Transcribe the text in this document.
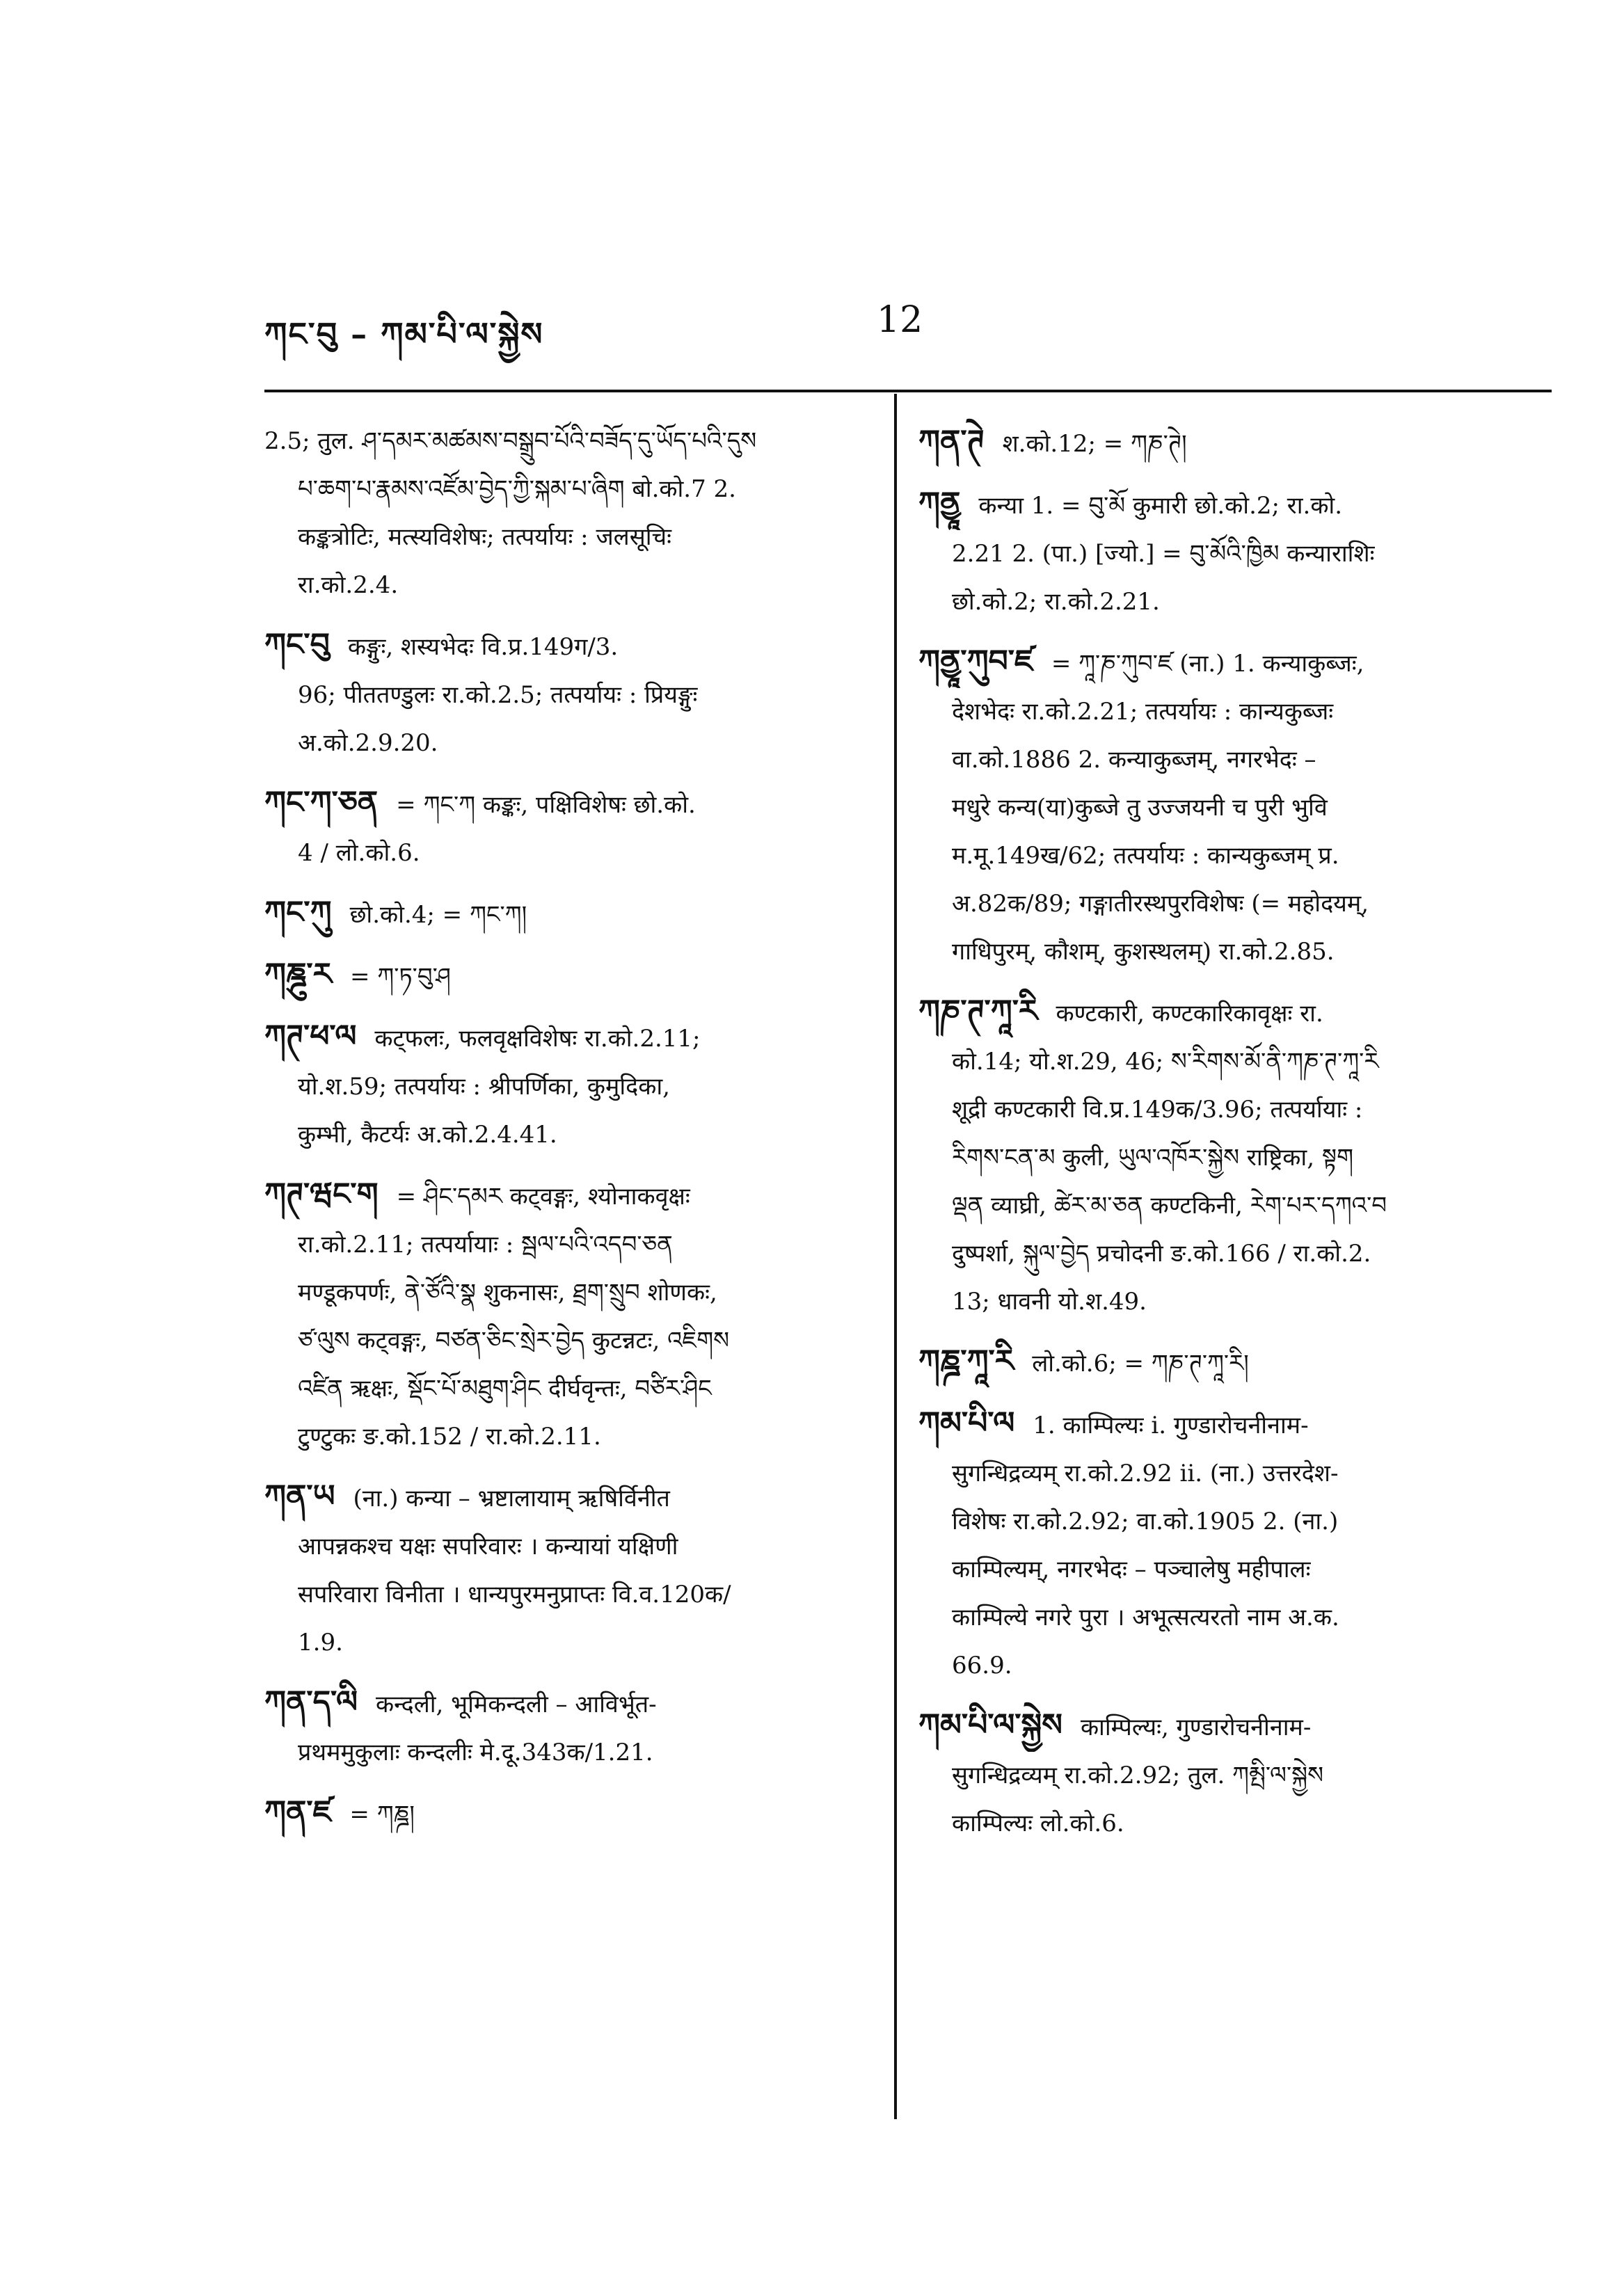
ཀང་བུ – ཀམ་པི་ལ་སྐྱེས	12
2.5; तुल. ཤ་དམར་མཚམས་བསྒྲུབ་པོའི་བཟོད་དུ་ཡོད་པའི་དུས
པ་ཆག་པ་རྣམས་འཛོམ་བྱེད་ཀྱི་སྐམ་པ་ཞིག बो.को.7 2.
कङ्कत्रोटिः, मत्स्यविशेषः; तत्पर्यायः : जलसूचिः
रा.को.2.4.
ཀང་བུ कङ्गुः, शस्यभेदः वि.प्र.149ग/3.
96; पीततण्डुलः रा.को.2.5; तत्पर्यायः : प्रियङ्गुः
अ.को.2.9.20.
ཀང་ཀ་ཅན = ཀང་ཀ कङ्कः, पक्षिविशेषः छो.को.
4 / लो.को.6.
ཀང་ཀུ छो.को.4; = ཀང་ཀ།
ཀཎྜུ་ར = ཀ་ཏ་བུ་ཤ
ཀཊ་ཕ་ལ कट्फलः, फलवृक्षविशेषः रा.को.2.11;
यो.श.59; तत्पर्यायः : श्रीपर्णिका, कुमुदिका,
कुम्भी, कैटर्यः अ.को.2.4.41.
ཀཊ་ཝང་ག = ཤིང་དམར कट्वङ्गः, श्योनाकवृक्षः
रा.को.2.11; तत्पर्यायाः : སྦལ་པའི་འདབ་ཅན
मण्डूकपर्णः, ནེ་ཙོའི་སྣ शुकनासः, ཐྲག་སྲུབ शोणकः,
ཙ་ལུས कट्वङ्गः, བཙན་ཅིང་སྲེར་བྱེད कुटन्नटः, འཇིགས
འཛིན ऋक्षः, སྡོང་པོ་མཐུག་ཤིང दीर्घवृन्तः, བཙིར་ཤིང
टुण्टुकः ङ.को.152 / रा.को.2.11.
ཀན་ཡ (ना.) कन्या – भ्रष्टालायाम् ऋषिर्विनीत
आपन्नकश्च यक्षः सपरिवारः । कन्यायां यक्षिणी
सपरिवारा विनीता । धान्यपुरमनुप्राप्तः वि.व.120क/
1.9.
ཀན་ད་ལི कन्दली, भूमिकन्दली – आविर्भूत-
प्रथममुकुलाः कन्दलीः मे.दू.343क/1.21.
ཀན་ཛ = ཀཎྜ།
ཀན་ཊེ श.को.12; = ཀཎ་ཊེ།
ཀནྱཱ कन्या 1. = བུ་མོ कुमारी छो.को.2; रा.को.
2.21 2. (पा.) [ज्यो.] = བུ་མོའི་ཁྱིམ कन्याराशिः
छो.को.2; रा.को.2.21.
ཀནྱཱ་ཀུབ་ཛ = ཀཱ་ཎ་ཀུབ་ཛ (ना.) 1. कन्याकुब्जः,
देशभेदः रा.को.2.21; तत्पर्यायः : कान्यकुब्जः
वा.को.1886 2. कन्याकुब्जम्, नगरभेदः –
मधुरे कन्य(या)कुब्जे तु उज्जयनी च पुरी भुवि
म.मू.149ख/62; तत्पर्यायः : कान्यकुब्जम् प्र.
अ.82क/89; गङ्गातीरस्थपुरविशेषः (= महोदयम्,
गाधिपुरम्, कौशम्, कुशस्थलम्) रा.को.2.85.
ཀཎ་ཊ་ཀཱ་རི कण्टकारी, कण्टकारिकावृक्षः रा.
को.14; यो.श.29, 46; ས་རིགས་མོ་ནི་ཀཎ་ཊ་ཀཱ་རི
शूद्री कण्टकारी वि.प्र.149क/3.96; तत्पर्यायाः :
རིགས་ངན་མ कुली, ཡུལ་འཁོར་སྐྱེས राष्ट्रिका, སྟག
ལྡན व्याघ्री, ཚེར་མ་ཅན कण्टकिनी, རེག་པར་དཀའ་བ
दुष्पर्शा, སྐུལ་བྱེད प्रचोदनी ङ.को.166 / रा.को.2.
13; धावनी यो.श.49.
ཀཎྜ་ཀཱ་རི लो.को.6; = ཀཎ་ཊ་ཀཱ་རི།
ཀམ་པི་ལ 1. काम्पिल्यः i. गुण्डारोचनीनाम-
सुगन्धिद्रव्यम् रा.को.2.92 ii. (ना.) उत्तरदेश-
विशेषः रा.को.2.92; वा.को.1905 2. (ना.)
काम्पिल्यम्, नगरभेदः – पञ्चालेषु महीपालः
काम्पिल्ये नगरे पुरा । अभूत्सत्यरतो नाम अ.क.
66.9.
ཀམ་པི་ལ་སྐྱེས काम्पिल्यः, गुण्डारोचनीनाम-
सुगन्धिद्रव्यम् रा.को.2.92; तुल. ཀམྤི་ལ་སྐྱེས
काम्पिल्यः लो.को.6.
